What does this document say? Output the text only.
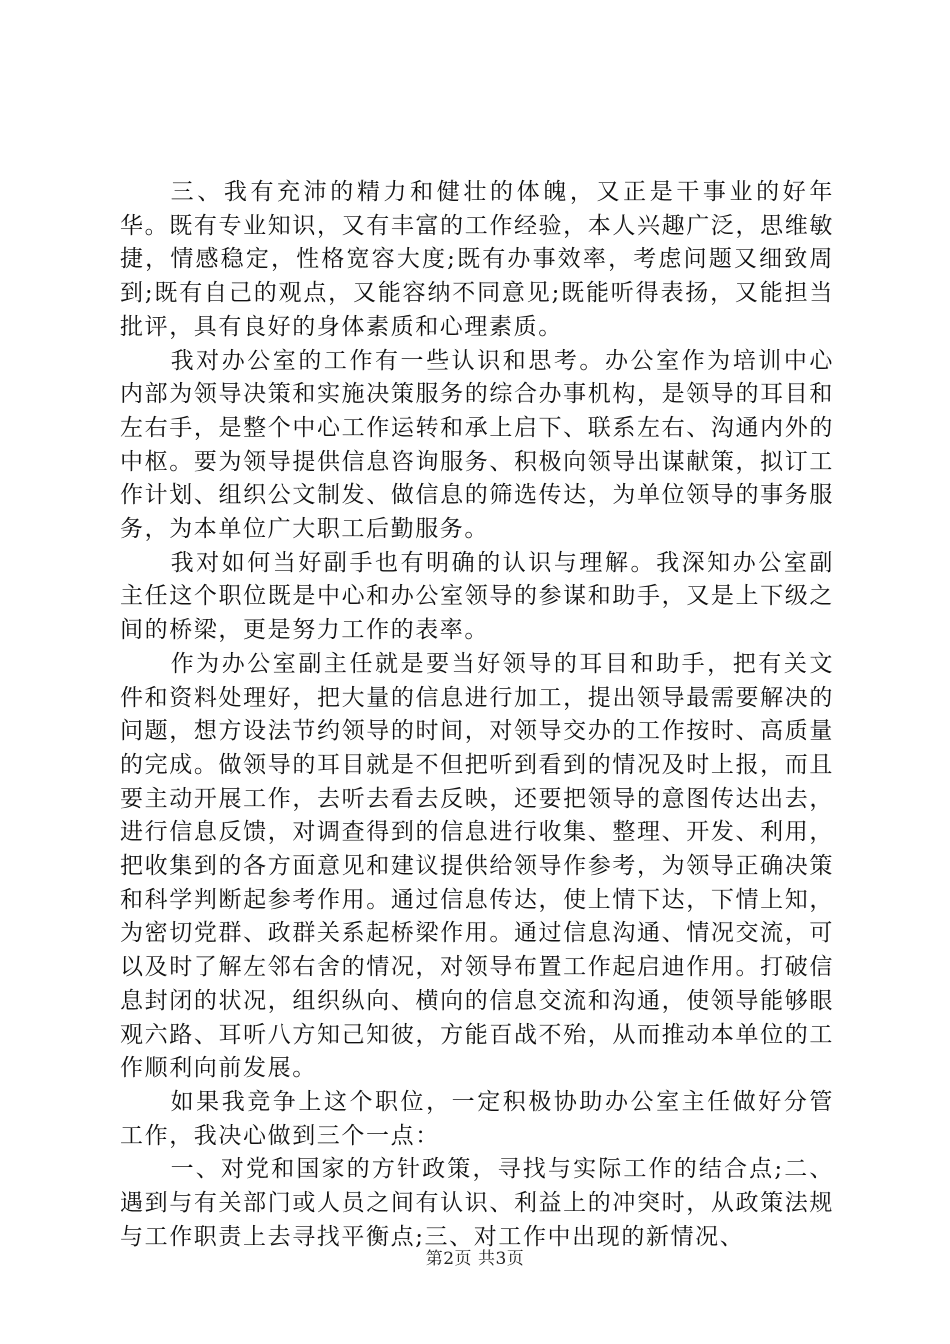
三、我有充沛的精力和健壮的体魄，又正是干事业的好年华。既有专业知识，又有丰富的工作经验，本人兴趣广泛，思维敏捷，情感稳定，性格宽容大度;既有办事效率，考虑问题又细致周到;既有自己的观点，又能容纳不同意见;既能听得表扬，又能担当批评，具有良好的身体素质和心理素质。

我对办公室的工作有一些认识和思考。办公室作为培训中心内部为领导决策和实施决策服务的综合办事机构，是领导的耳目和左右手，是整个中心工作运转和承上启下、联系左右、沟通内外的中枢。要为领导提供信息咨询服务、积极向领导出谋献策，拟订工作计划、组织公文制发、做信息的筛选传达，为单位领导的事务服务，为本单位广大职工后勤服务。

我对如何当好副手也有明确的认识与理解。我深知办公室副主任这个职位既是中心和办公室领导的参谋和助手，又是上下级之间的桥梁，更是努力工作的表率。

作为办公室副主任就是要当好领导的耳目和助手，把有关文件和资料处理好，把大量的信息进行加工，提出领导最需要解决的问题，想方设法节约领导的时间，对领导交办的工作按时、高质量的完成。做领导的耳目就是不但把听到看到的情况及时上报，而且要主动开展工作，去听去看去反映，还要把领导的意图传达出去，进行信息反馈，对调查得到的信息进行收集、整理、开发、利用，把收集到的各方面意见和建议提供给领导作参考，为领导正确决策和科学判断起参考作用。通过信息传达，使上情下达，下情上知，为密切党群、政群关系起桥梁作用。通过信息沟通、情况交流，可以及时了解左邻右舍的情况，对领导布置工作起启迪作用。打破信息封闭的状况，组织纵向、横向的信息交流和沟通，使领导能够眼观六路、耳听八方知己知彼，方能百战不殆，从而推动本单位的工作顺利向前发展。

如果我竞争上这个职位，一定积极协助办公室主任做好分管工作，我决心做到三个一点：

一、对党和国家的方针政策，寻找与实际工作的结合点;二、遇到与有关部门或人员之间有认识、利益上的冲突时，从政策法规与工作职责上去寻找平衡点;三、对工作中出现的新情况、

第2页 共3页
